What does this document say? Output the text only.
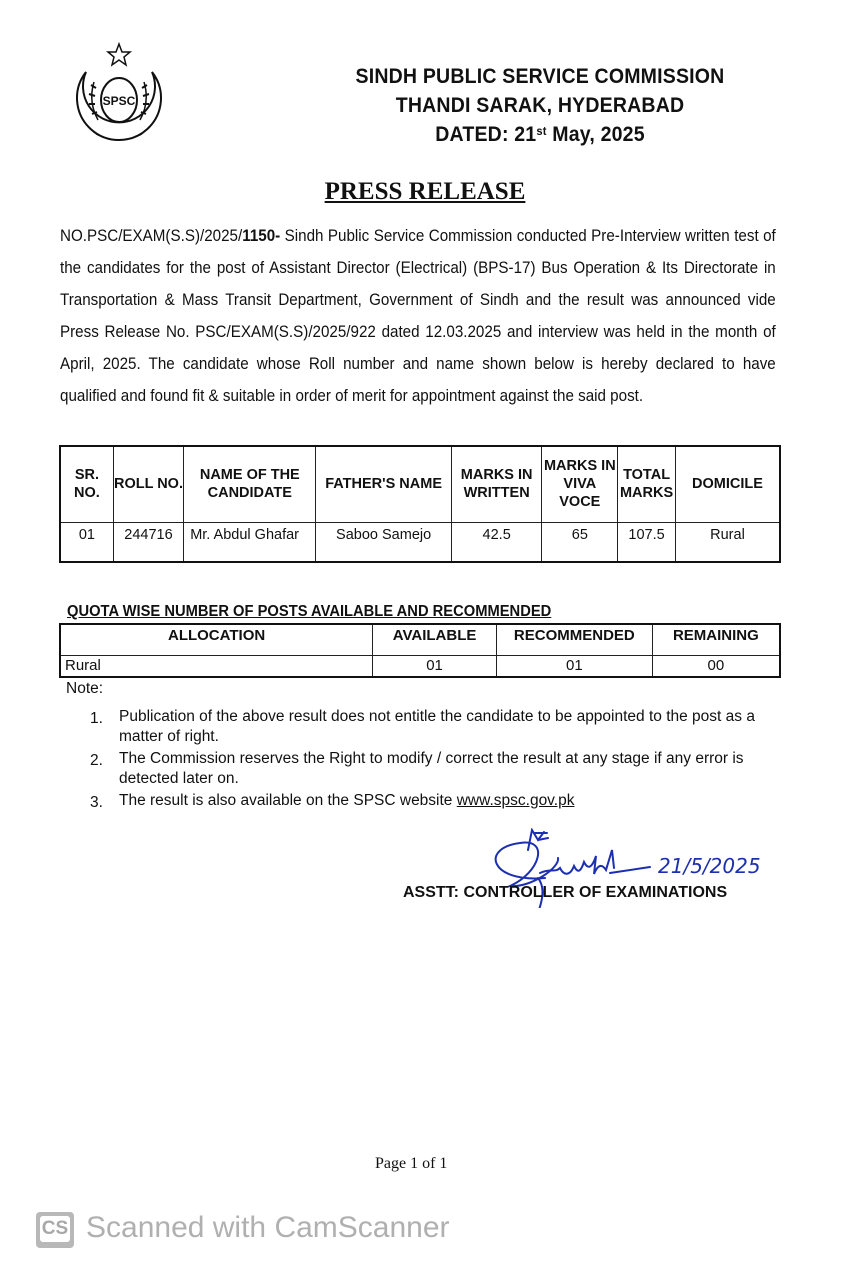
SPSC
SINDH PUBLIC SERVICE COMMISSION
THANDI SARAK, HYDERABAD
DATED: 21st May, 2025
PRESS RELEASE
NO.PSC/EXAM(S.S)/2025/1150- Sindh Public Service Commission conducted Pre-Interview written test of the candidates for the post of Assistant Director (Electrical) (BPS-17) Bus Operation & Its Directorate in Transportation & Mass Transit Department, Government of Sindh and the result was announced vide Press Release No. PSC/EXAM(S.S)/2025/922 dated 12.03.2025 and interview was held in the month of April, 2025. The candidate whose Roll number and name shown below is hereby declared to have qualified and found fit & suitable in order of merit for appointment against the said post.
SR. NO.	ROLL NO.	NAME OF THE CANDIDATE	FATHER'S NAME	MARKS IN WRITTEN	MARKS IN VIVA VOCE	TOTAL MARKS	DOMICILE
01	244716	Mr. Abdul Ghafar	Saboo Samejo	42.5	65	107.5	Rural
QUOTA WISE NUMBER OF POSTS AVAILABLE AND RECOMMENDED
ALLOCATION	AVAILABLE	RECOMMENDED	REMAINING
Rural	01	01	00
Note:
1. Publication of the above result does not entitle the candidate to be appointed to the post as a matter of right.
2. The Commission reserves the Right to modify / correct the result at any stage if any error is detected later on.
3. The result is also available on the SPSC website www.spsc.gov.pk
21/5/2025
ASSTT: CONTROLLER OF EXAMINATIONS
Page 1 of 1
CS Scanned with CamScanner
